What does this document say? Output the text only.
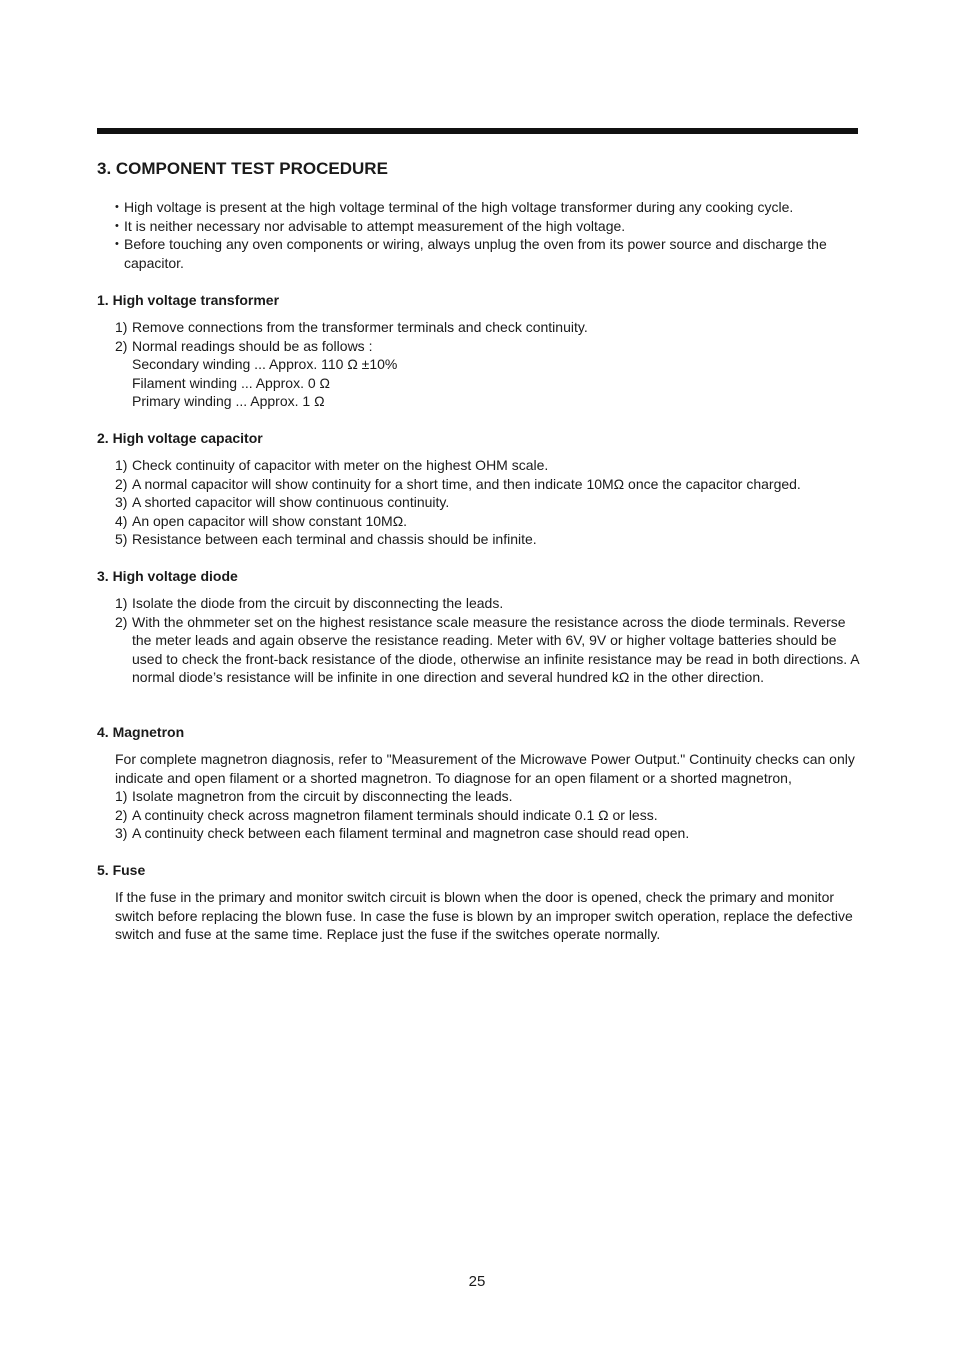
3. COMPONENT TEST PROCEDURE
• High voltage is present at the high voltage terminal of the high voltage transformer during any cooking cycle.
• It is neither necessary nor advisable to attempt measurement of the high voltage.
• Before touching any oven components or wiring, always unplug the oven from its power source and discharge the capacitor.
1. High voltage transformer
1) Remove connections from the transformer terminals and check continuity.
2) Normal readings should be as follows :
Secondary winding ... Approx. 110 Ω ±10%
Filament winding ... Approx. 0 Ω
Primary winding ... Approx. 1 Ω
2. High voltage capacitor
1) Check continuity of capacitor with meter on the highest OHM scale.
2) A normal capacitor will show continuity for a short time, and then indicate 10MΩ once the capacitor charged.
3) A shorted capacitor will show continuous continuity.
4) An open capacitor will show constant 10MΩ.
5) Resistance between each terminal and chassis should be infinite.
3. High voltage diode
1) Isolate the diode from the circuit by disconnecting the leads.
2) With the ohmmeter set on the highest resistance scale measure the resistance across the diode terminals. Reverse the meter leads and again observe the resistance reading. Meter with 6V, 9V or higher voltage batteries should be used to check the front-back resistance of the diode, otherwise an infinite resistance may be read in both directions. A normal diode’s resistance will be infinite in one direction and several hundred kΩ in the other direction.
4. Magnetron

For complete magnetron diagnosis, refer to "Measurement of the Microwave Power Output." Continuity checks can only indicate and open filament or a shorted magnetron. To diagnose for an open filament or a shorted magnetron,

1) Isolate magnetron from the circuit by disconnecting the leads.
2) A continuity check across magnetron filament terminals should indicate 0.1 Ω or less.
3) A continuity check between each filament terminal and magnetron case should read open.
5. Fuse

If the fuse in the primary and monitor switch circuit is blown when the door is opened, check the primary and monitor switch before replacing the blown fuse. In case the fuse is blown by an improper switch operation, replace the defective switch and fuse at the same time. Replace just the fuse if the switches operate normally.

25
